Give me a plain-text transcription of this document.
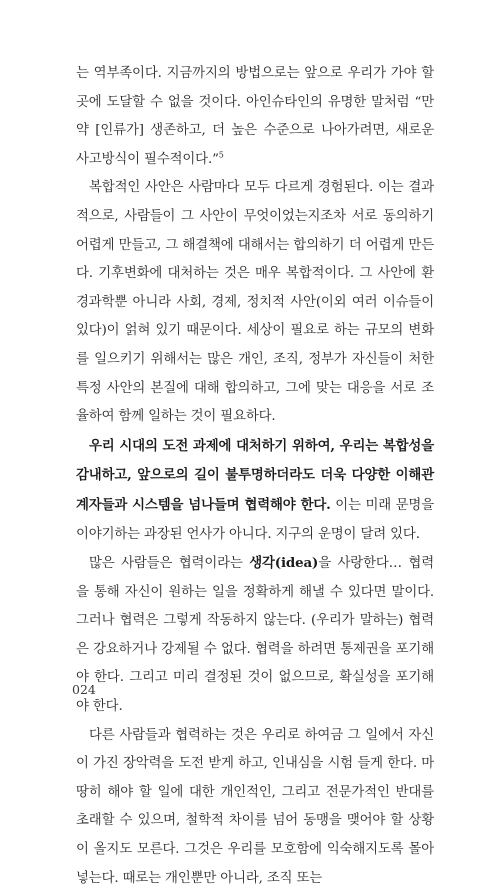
는 역부족이다. 지금까지의 방법으로는 앞으로 우리가 가야 할 곳에 도달할 수 없을 것이다. 아인슈타인의 유명한 말처럼 “만약 [인류가] 생존하고, 더 높은 수준으로 나아가려면, 새로운 사고방식이 필수적이다.”$^5$

복합적인 사안은 사람마다 모두 다르게 경험된다. 이는 결과적으로, 사람들이 그 사안이 무엇이었는지조차 서로 동의하기 어렵게 만들고, 그 해결책에 대해서는 합의하기 더 어렵게 만든다. 기후변화에 대처하는 것은 매우 복합적이다. 그 사안에 환경과학뿐 아니라 사회, 경제, 정치적 사안(이외 여러 이슈들이 있다)이 얽혀 있기 때문이다. 세상이 필요로 하는 규모의 변화를 일으키기 위해서는 많은 개인, 조직, 정부가 자신들이 처한 특정 사안의 본질에 대해 합의하고, 그에 맞는 대응을 서로 조율하여 함께 일하는 것이 필요하다.

우리 시대의 도전 과제에 대처하기 위하여, 우리는 복합성을 감내하고, 앞으로의 길이 불투명하더라도 더욱 다양한 이해관계자들과 시스템을 넘나들며 협력해야 한다. 이는 미래 문명을 이야기하는 과장된 언사가 아니다. 지구의 운명이 달려 있다.

많은 사람들은 협력이라는 생각(idea)을 사랑한다… 협력을 통해 자신이 원하는 일을 정확하게 해낼 수 있다면 말이다. 그러나 협력은 그렇게 작동하지 않는다. (우리가 말하는) 협력은 강요하거나 강제될 수 없다. 협력을 하려면 통제권을 포기해야 한다. 그리고 미리 결정된 것이 없으므로, 확실성을 포기해야 한다.

다른 사람들과 협력하는 것은 우리로 하여금 그 일에서 자신이 가진 장악력을 도전 받게 하고, 인내심을 시험 들게 한다. 마땅히 해야 할 일에 대한 개인적인, 그리고 전문가적인 반대를 초래할 수 있으며, 철학적 차이를 넘어 동맹을 맺어야 할 상황이 올지도 모른다. 그것은 우리를 모호함에 익숙해지도록 몰아넣는다. 때로는 개인뿐만 아니라, 조직 또는

024
